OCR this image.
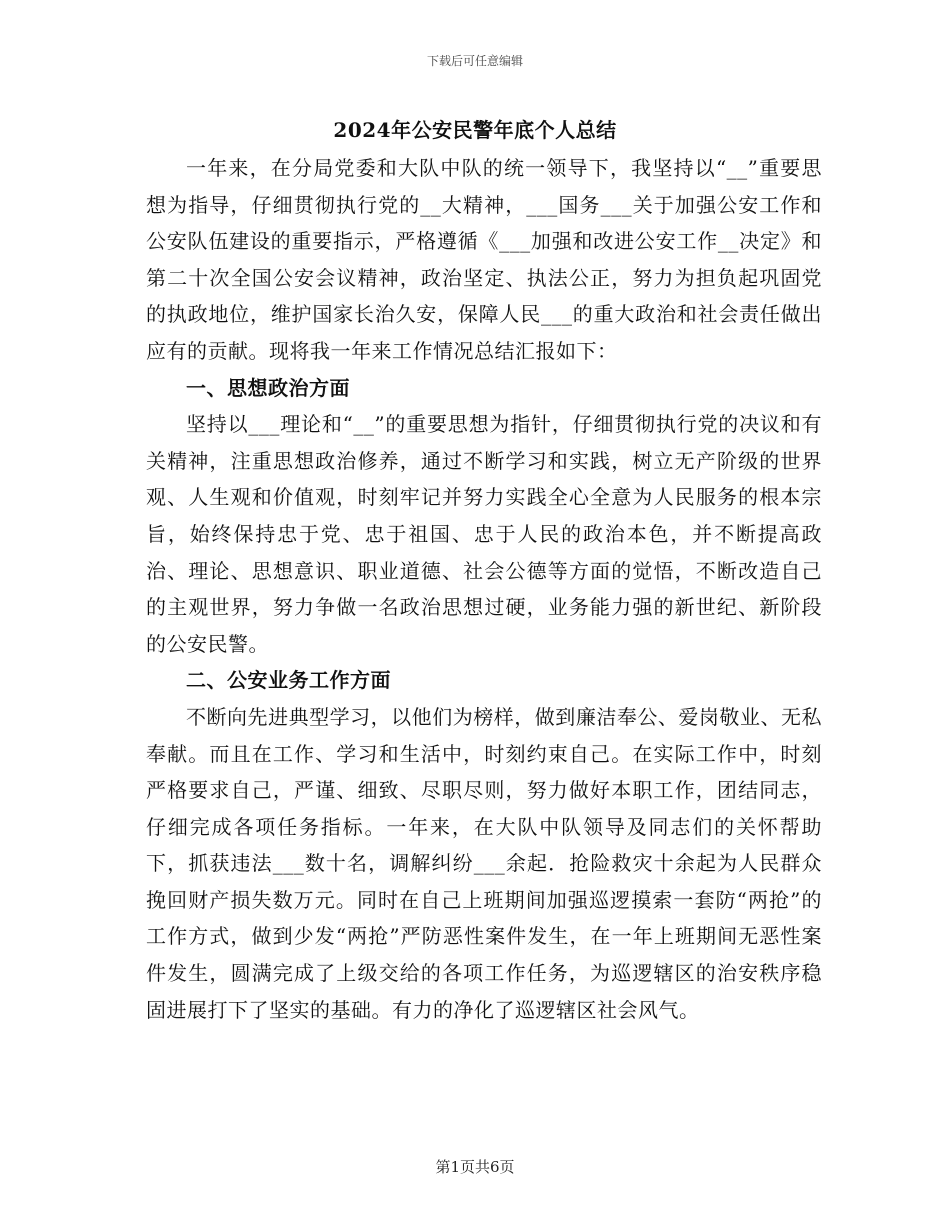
下载后可任意编辑
2024年公安民警年底个人总结

一年来，在分局党委和大队中队的统一领导下，我坚持以“__”重要思想为指导，仔细贯彻执行党的__大精神，___国务___关于加强公安工作和公安队伍建设的重要指示，严格遵循《___加强和改进公安工作__决定》和第二十次全国公安会议精神，政治坚定、执法公正，努力为担负起巩固党的执政地位，维护国家长治久安，保障人民___的重大政治和社会责任做出应有的贡献。现将我一年来工作情况总结汇报如下：

一、思想政治方面

坚持以___理论和“__”的重要思想为指针，仔细贯彻执行党的决议和有关精神，注重思想政治修养，通过不断学习和实践，树立无产阶级的世界观、人生观和价值观，时刻牢记并努力实践全心全意为人民服务的根本宗旨，始终保持忠于党、忠于祖国、忠于人民的政治本色，并不断提高政治、理论、思想意识、职业道德、社会公德等方面的觉悟，不断改造自己的主观世界，努力争做一名政治思想过硬，业务能力强的新世纪、新阶段的公安民警。

二、公安业务工作方面

不断向先进典型学习，以他们为榜样，做到廉洁奉公、爱岗敬业、无私奉献。而且在工作、学习和生活中，时刻约束自己。在实际工作中，时刻严格要求自己，严谨、细致、尽职尽则，努力做好本职工作，团结同志，仔细完成各项任务指标。一年来，在大队中队领导及同志们的关怀帮助下，抓获违法___数十名，调解纠纷___余起．抢险救灾十余起为人民群众挽回财产损失数万元。同时在自己上班期间加强巡逻摸索一套防“两抢”的工作方式，做到少发“两抢”严防恶性案件发生，在一年上班期间无恶性案件发生，圆满完成了上级交给的各项工作任务，为巡逻辖区的治安秩序稳固进展打下了坚实的基础。有力的净化了巡逻辖区社会风气。

第1页共6页
